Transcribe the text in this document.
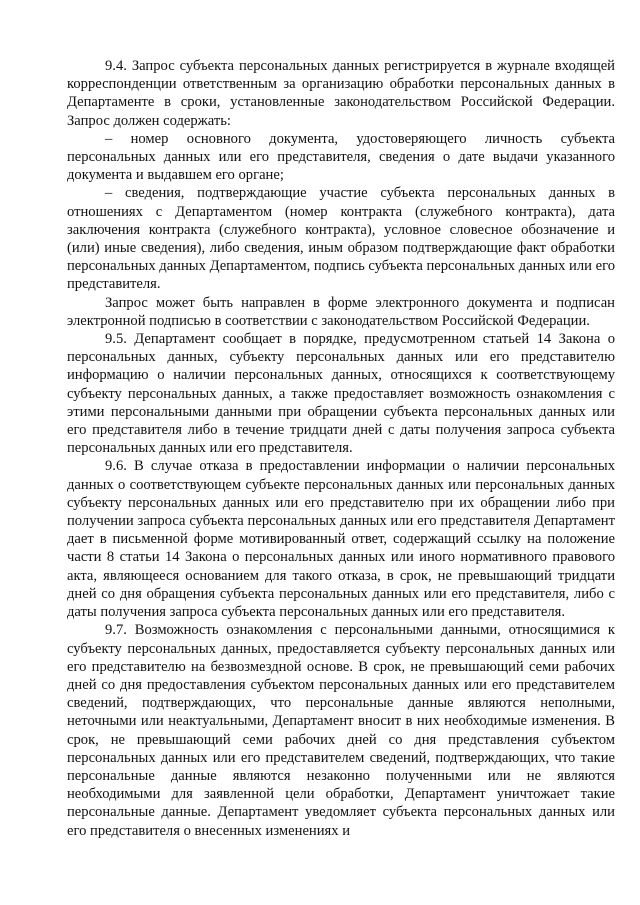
9.4. Запрос субъекта персональных данных регистрируется в журнале входящей корреспонденции ответственным за организацию обработки персональных данных в Департаменте в сроки, установленные законодательством Российской Федерации. Запрос должен содержать:

– номер основного документа, удостоверяющего личность субъекта персональных данных или его представителя, сведения о дате выдачи указанного документа и выдавшем его органе;

– сведения, подтверждающие участие субъекта персональных данных в отношениях с Департаментом (номер контракта (служебного контракта), дата заключения контракта (служебного контракта), условное словесное обозначение и (или) иные сведения), либо сведения, иным образом подтверждающие факт обработки персональных данных Департаментом, подпись субъекта персональных данных или его представителя.

Запрос может быть направлен в форме электронного документа и подписан электронной подписью в соответствии с законодательством Российской Федерации.

9.5. Департамент сообщает в порядке, предусмотренном статьей 14 Закона о персональных данных, субъекту персональных данных или его представителю информацию о наличии персональных данных, относящихся к соответствующему субъекту персональных данных, а также предоставляет возможность ознакомления с этими персональными данными при обращении субъекта персональных данных или его представителя либо в течение тридцати дней с даты получения запроса субъекта персональных данных или его представителя.

9.6. В случае отказа в предоставлении информации о наличии персональных данных о соответствующем субъекте персональных данных или персональных данных субъекту персональных данных или его представителю при их обращении либо при получении запроса субъекта персональных данных или его представителя Департамент дает в письменной форме мотивированный ответ, содержащий ссылку на положение части 8 статьи 14 Закона о персональных данных или иного нормативного правового акта, являющееся основанием для такого отказа, в срок, не превышающий тридцати дней со дня обращения субъекта персональных данных или его представителя, либо с даты получения запроса субъекта персональных данных или его представителя.

9.7. Возможность ознакомления с персональными данными, относящимися к субъекту персональных данных, предоставляется субъекту персональных данных или его представителю на безвозмездной основе. В срок, не превышающий семи рабочих дней со дня предоставления субъектом персональных данных или его представителем сведений, подтверждающих, что персональные данные являются неполными, неточными или неактуальными, Департамент вносит в них необходимые изменения. В срок, не превышающий семи рабочих дней со дня представления субъектом персональных данных или его представителем сведений, подтверждающих, что такие персональные данные являются незаконно полученными или не являются необходимыми для заявленной цели обработки, Департамент уничтожает такие персональные данные. Департамент уведомляет субъекта персональных данных или его представителя о внесенных изменениях и
